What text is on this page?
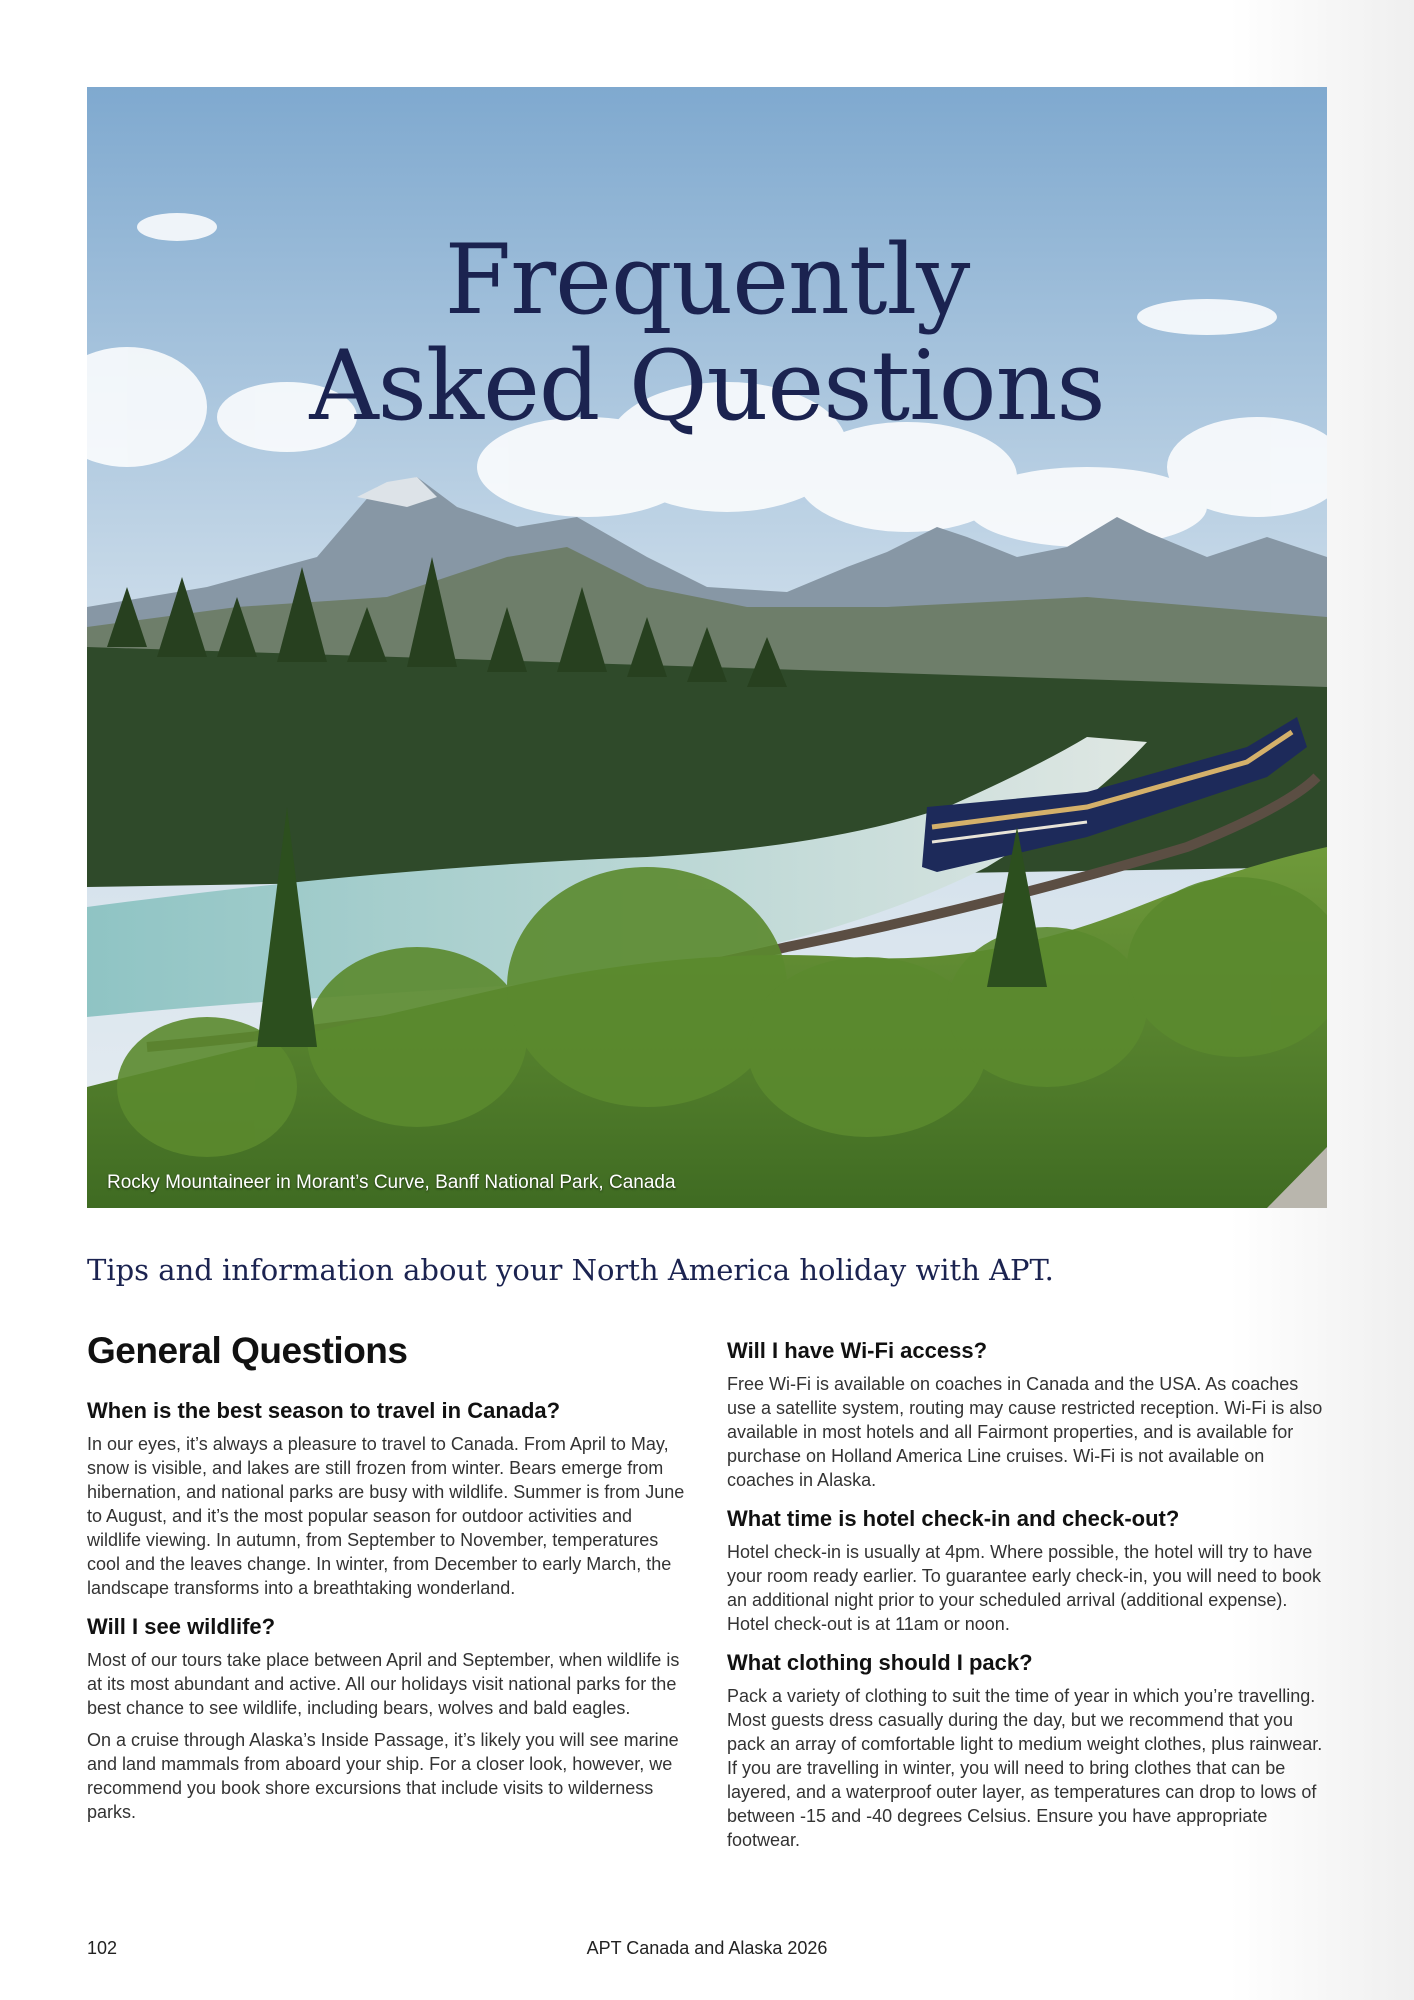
Frequently
Asked Questions
Rocky Mountaineer in Morant’s Curve, Banff National Park, Canada
Tips and information about your North America holiday with APT.
General Questions
When is the best season to travel in Canada?

In our eyes, it’s always a pleasure to travel to Canada. From April to May, snow is visible, and lakes are still frozen from winter. Bears emerge from hibernation, and national parks are busy with wildlife. Summer is from June to August, and it’s the most popular season for outdoor activities and wildlife viewing. In autumn, from September to November, temperatures cool and the leaves change. In winter, from December to early March, the landscape transforms into a breathtaking wonderland.

Will I see wildlife?

Most of our tours take place between April and September, when wildlife is at its most abundant and active. All our holidays visit national parks for the best chance to see wildlife, including bears, wolves and bald eagles.

On a cruise through Alaska’s Inside Passage, it’s likely you will see marine and land mammals from aboard your ship. For a closer look, however, we recommend you book shore excursions that include visits to wilderness parks.

Will I have Wi-Fi access?

Free Wi-Fi is available on coaches in Canada and the USA. As coaches use a satellite system, routing may cause restricted reception. Wi-Fi is also available in most hotels and all Fairmont properties, and is available for purchase on Holland America Line cruises. Wi-Fi is not available on coaches in Alaska.

What time is hotel check-in and check-out?

Hotel check-in is usually at 4pm. Where possible, the hotel will try to have your room ready earlier. To guarantee early check-in, you will need to book an additional night prior to your scheduled arrival (additional expense). Hotel check-out is at 11am or noon.

What clothing should I pack?

Pack a variety of clothing to suit the time of year in which you’re travelling. Most guests dress casually during the day, but we recommend that you pack an array of comfortable light to medium weight clothes, plus rainwear. If you are travelling in winter, you will need to bring clothes that can be layered, and a waterproof outer layer, as temperatures can drop to lows of between -15 and -40 degrees Celsius. Ensure you have appropriate footwear.

102	APT Canada and Alaska 2026
